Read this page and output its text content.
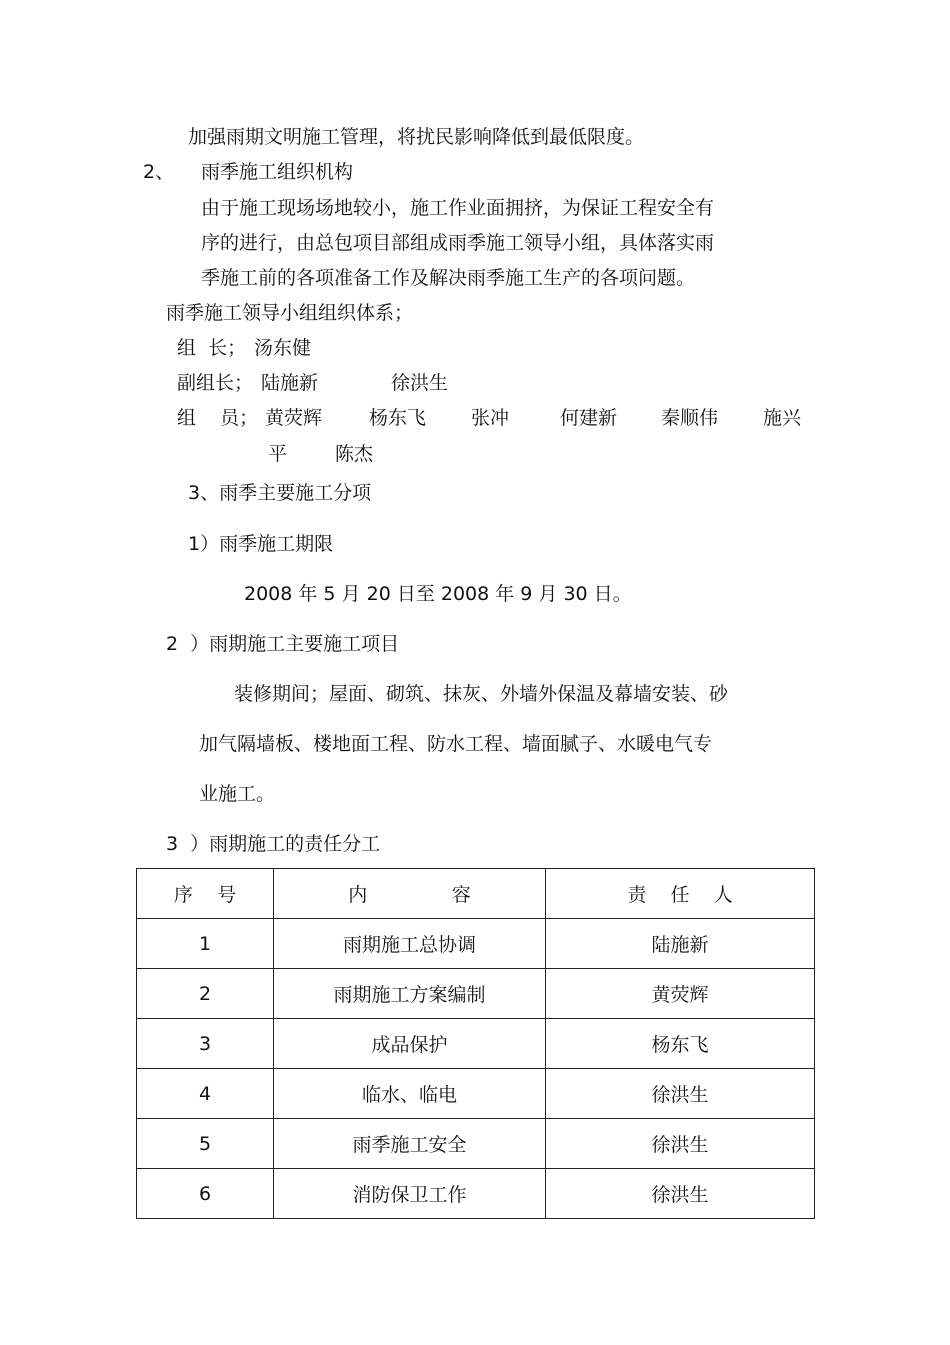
加强雨期文明施工管理，将扰民影响降低到最低限度。
2、 雨季施工组织机构
由于施工现场场地较小，施工作业面拥挤，为保证工程安全有
序的进行，由总包项目部组成雨季施工领导小组，具体落实雨
季施工前的各项准备工作及解决雨季施工生产的各项问题。
雨季施工领导小组组织体系；
组  长； 汤东健
副组长； 陆施新	徐洪生
组    员； 黄荧辉 杨东飞 张冲	何建新 秦顺伟 施兴
平	陈杰
3、雨季主要施工分项
1）雨季施工期限
2008 年 5 月 20 日至 2008 年 9 月 30 日。
2  ）雨期施工主要施工项目
装修期间；屋面、砌筑、抹灰、外墙外保温及幕墙安装、砂
加气隔墙板、楼地面工程、防水工程、墙面腻子、水暖电气专
业施工。
3  ）雨期施工的责任分工
序    号	内              容	责    任    人
1	雨期施工总协调	陆施新
2	雨期施工方案编制	黄荧辉
3	成品保护	杨东飞
4	临水、临电	徐洪生
5	雨季施工安全	徐洪生
6	消防保卫工作	徐洪生
